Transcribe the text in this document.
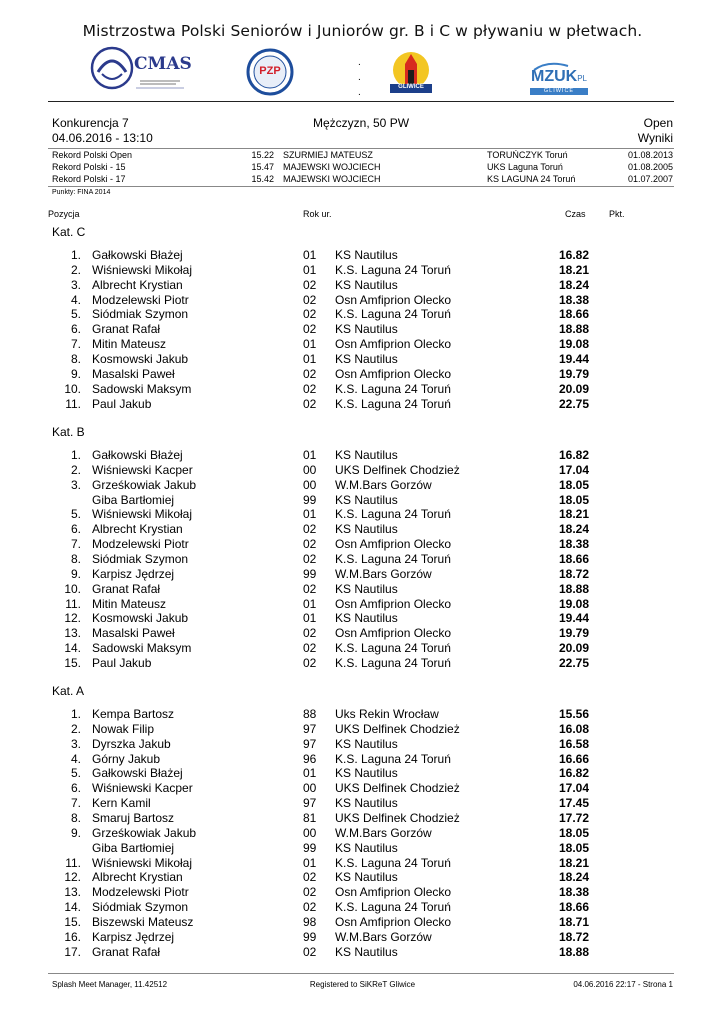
Mistrzostwa Polski Seniorów i Juniorów gr. B i C w pływaniu w płetwach.
CMAS	PZP
.
.
.	GLIWICE
MZUK
.PL
GLIWICE
Konkurencja 7
04.06.2016 - 13:10
Mężczyzn, 50 PW	Open
Wyniki
Rekord Polski Open	15.22 SZURMIEJ MATEUSZ	TORUŃCZYK Toruń	01.08.2013
Rekord Polski - 15	15.47 MAJEWSKI WOJCIECH	UKS Laguna Toruń	01.08.2005
Rekord Polski - 17	15.42 MAJEWSKI WOJCIECH	KS LAGUNA 24 Toruń	01.07.2007
Punkty: FINA 2014
Pozycja	Rok ur.	Czas	Pkt.
Kat. C
1. Gałkowski Błażej	01 KS Nautilus	16.82
2. Wiśniewski Mikołaj	01 K.S. Laguna 24 Toruń	18.21
3. Albrecht Krystian	02 KS Nautilus	18.24
4. Modzelewski Piotr	02 Osn Amfiprion Olecko	18.38
5. Siódmiak Szymon	02 K.S. Laguna 24 Toruń	18.66
6. Granat Rafał	02 KS Nautilus	18.88
7. Mitin Mateusz	01 Osn Amfiprion Olecko	19.08
8. Kosmowski Jakub	01 KS Nautilus	19.44
9. Masalski Paweł	02 Osn Amfiprion Olecko	19.79
10. Sadowski Maksym	02 K.S. Laguna 24 Toruń	20.09
11. Paul Jakub	02 K.S. Laguna 24 Toruń	22.75
Kat. B
1. Gałkowski Błażej	01 KS Nautilus	16.82
2. Wiśniewski Kacper	00 UKS Delfinek Chodzież	17.04
3. Grześkowiak Jakub	00 W.M.Bars Gorzów	18.05
Giba Bartłomiej	99 KS Nautilus	18.05
5. Wiśniewski Mikołaj	01 K.S. Laguna 24 Toruń	18.21
6. Albrecht Krystian	02 KS Nautilus	18.24
7. Modzelewski Piotr	02 Osn Amfiprion Olecko	18.38
8. Siódmiak Szymon	02 K.S. Laguna 24 Toruń	18.66
9. Karpisz Jędrzej	99 W.M.Bars Gorzów	18.72
10. Granat Rafał	02 KS Nautilus	18.88
11. Mitin Mateusz	01 Osn Amfiprion Olecko	19.08
12. Kosmowski Jakub	01 KS Nautilus	19.44
13. Masalski Paweł	02 Osn Amfiprion Olecko	19.79
14. Sadowski Maksym	02 K.S. Laguna 24 Toruń	20.09
15. Paul Jakub	02 K.S. Laguna 24 Toruń	22.75
Kat. A
1. Kempa Bartosz	88 Uks Rekin Wrocław	15.56
2. Nowak Filip	97 UKS Delfinek Chodzież	16.08
3. Dyrszka Jakub	97 KS Nautilus	16.58
4. Górny Jakub	96 K.S. Laguna 24 Toruń	16.66
5. Gałkowski Błażej	01 KS Nautilus	16.82
6. Wiśniewski Kacper	00 UKS Delfinek Chodzież	17.04
7. Kern Kamil	97 KS Nautilus	17.45
8. Smaruj Bartosz	81 UKS Delfinek Chodzież	17.72
9. Grześkowiak Jakub	00 W.M.Bars Gorzów	18.05
Giba Bartłomiej	99 KS Nautilus	18.05
11. Wiśniewski Mikołaj	01 K.S. Laguna 24 Toruń	18.21
12. Albrecht Krystian	02 KS Nautilus	18.24
13. Modzelewski Piotr	02 Osn Amfiprion Olecko	18.38
14. Siódmiak Szymon	02 K.S. Laguna 24 Toruń	18.66
15. Biszewski Mateusz	98 Osn Amfiprion Olecko	18.71
16. Karpisz Jędrzej	99 W.M.Bars Gorzów	18.72
17. Granat Rafał	02 KS Nautilus	18.88
Splash Meet Manager, 11.42512	Registered to SiKReT Gliwice	04.06.2016 22:17 - Strona 1
